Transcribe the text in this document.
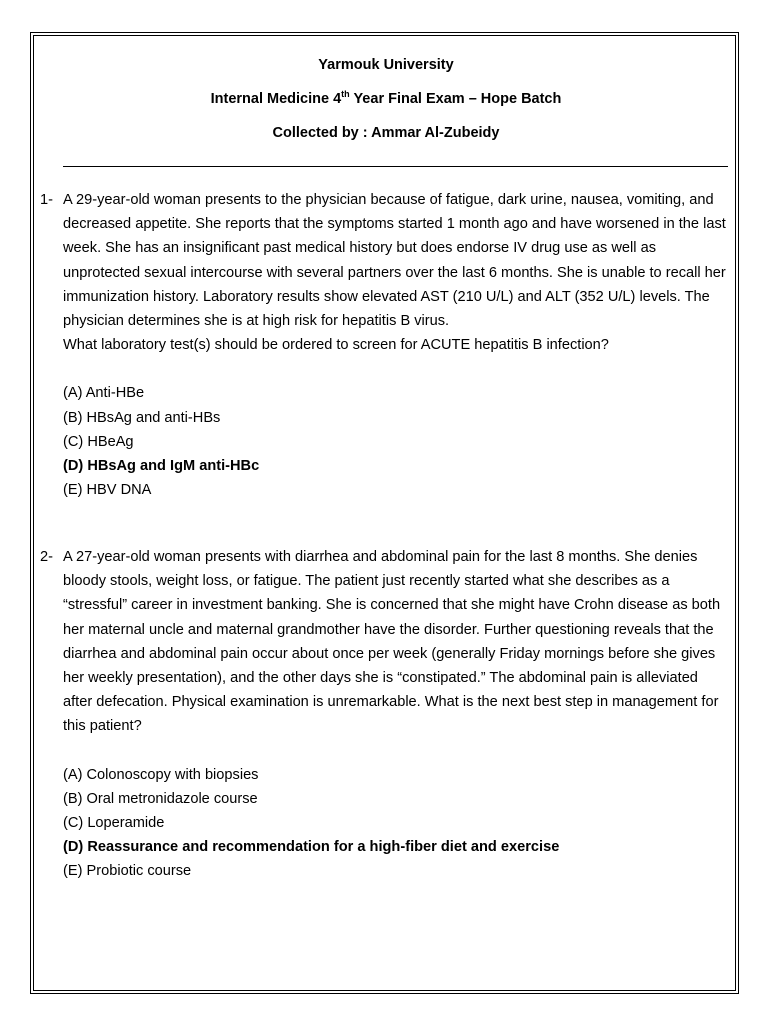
Yarmouk University
Internal Medicine 4th Year Final Exam – Hope Batch
Collected by : Ammar Al-Zubeidy
1- A 29-year-old woman presents to the physician because of fatigue, dark urine, nausea, vomiting, and decreased appetite. She reports that the symptoms started 1 month ago and have worsened in the last week. She has an insignificant past medical history but does endorse IV drug use as well as unprotected sexual intercourse with several partners over the last 6 months. She is unable to recall her immunization history. Laboratory results show elevated AST (210 U/L) and ALT (352 U/L) levels. The physician determines she is at high risk for hepatitis B virus.
What laboratory test(s) should be ordered to screen for ACUTE hepatitis B infection?
(A) Anti-HBe
(B) HBsAg and anti-HBs
(C) HBeAg
(D) HBsAg and IgM anti-HBc
(E) HBV DNA
2- A 27-year-old woman presents with diarrhea and abdominal pain for the last 8 months. She denies bloody stools, weight loss, or fatigue. The patient just recently started what she describes as a “stressful” career in investment banking. She is concerned that she might have Crohn disease as both her maternal uncle and maternal grandmother have the disorder. Further questioning reveals that the diarrhea and abdominal pain occur about once per week (generally Friday mornings before she gives her weekly presentation), and the other days she is “constipated.” The abdominal pain is alleviated after defecation. Physical examination is unremarkable. What is the next best step in management for this patient?
(A) Colonoscopy with biopsies
(B) Oral metronidazole course
(C) Loperamide
(D) Reassurance and recommendation for a high-fiber diet and exercise
(E) Probiotic course
